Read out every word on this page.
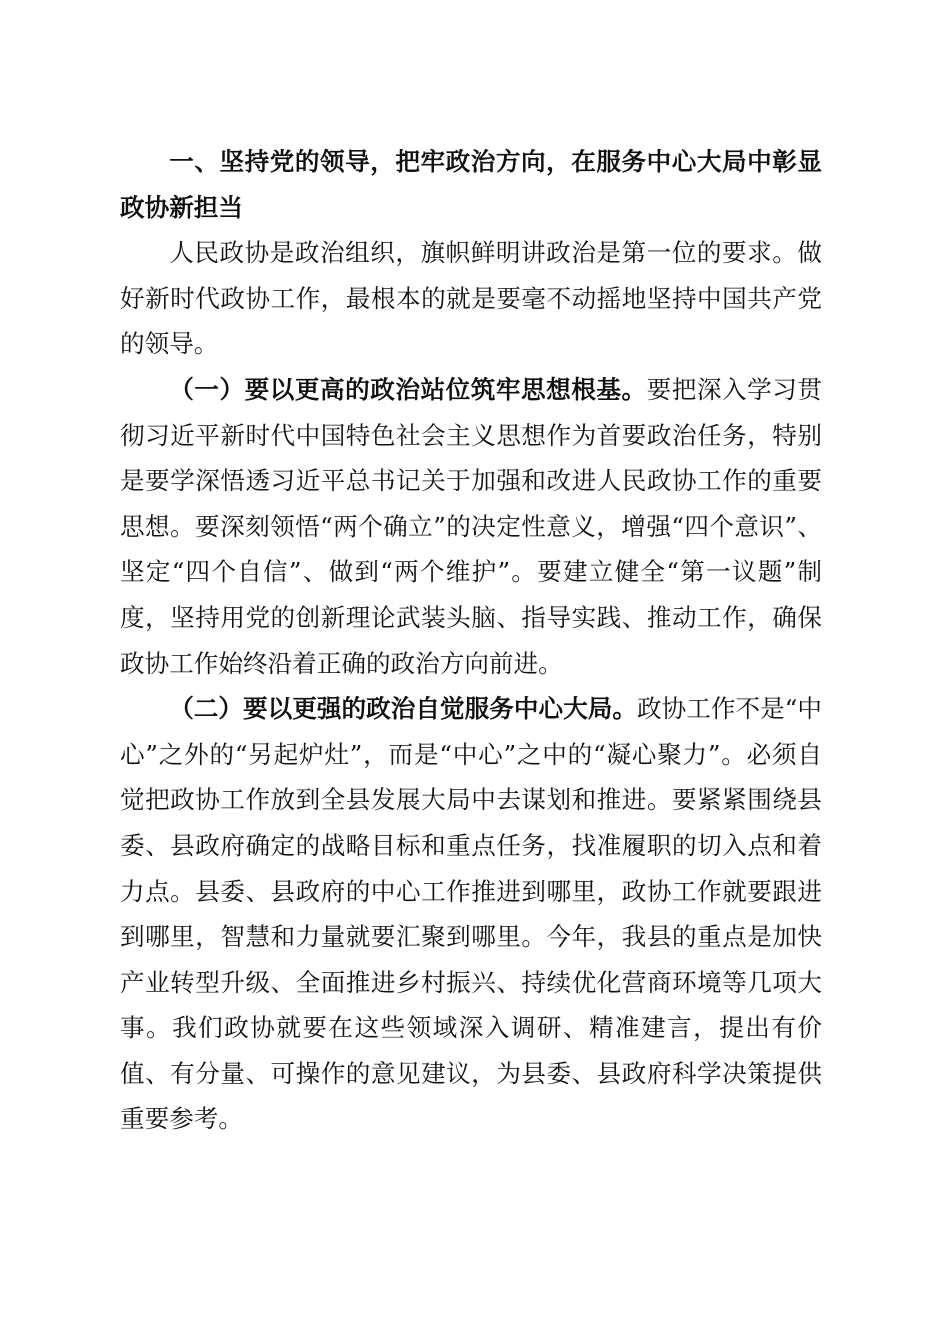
一、坚持党的领导，把牢政治方向，在服务中心大局中彰显政协新担当

人民政协是政治组织，旗帜鲜明讲政治是第一位的要求。做好新时代政协工作，最根本的就是要毫不动摇地坚持中国共产党的领导。

（一）要以更高的政治站位筑牢思想根基。要把深入学习贯彻习近平新时代中国特色社会主义思想作为首要政治任务，特别是要学深悟透习近平总书记关于加强和改进人民政协工作的重要思想。要深刻领悟“两个确立”的决定性意义，增强“四个意识”、坚定“四个自信”、做到“两个维护”。要建立健全“第一议题”制度，坚持用党的创新理论武装头脑、指导实践、推动工作，确保政协工作始终沿着正确的政治方向前进。

（二）要以更强的政治自觉服务中心大局。政协工作不是“中心”之外的“另起炉灶”，而是“中心”之中的“凝心聚力”。必须自觉把政协工作放到全县发展大局中去谋划和推进。要紧紧围绕县委、县政府确定的战略目标和重点任务，找准履职的切入点和着力点。县委、县政府的中心工作推进到哪里，政协工作就要跟进到哪里，智慧和力量就要汇聚到哪里。今年，我县的重点是加快产业转型升级、全面推进乡村振兴、持续优化营商环境等几项大事。我们政协就要在这些领域深入调研、精准建言，提出有价值、有分量、可操作的意见建议，为县委、县政府科学决策提供重要参考。
